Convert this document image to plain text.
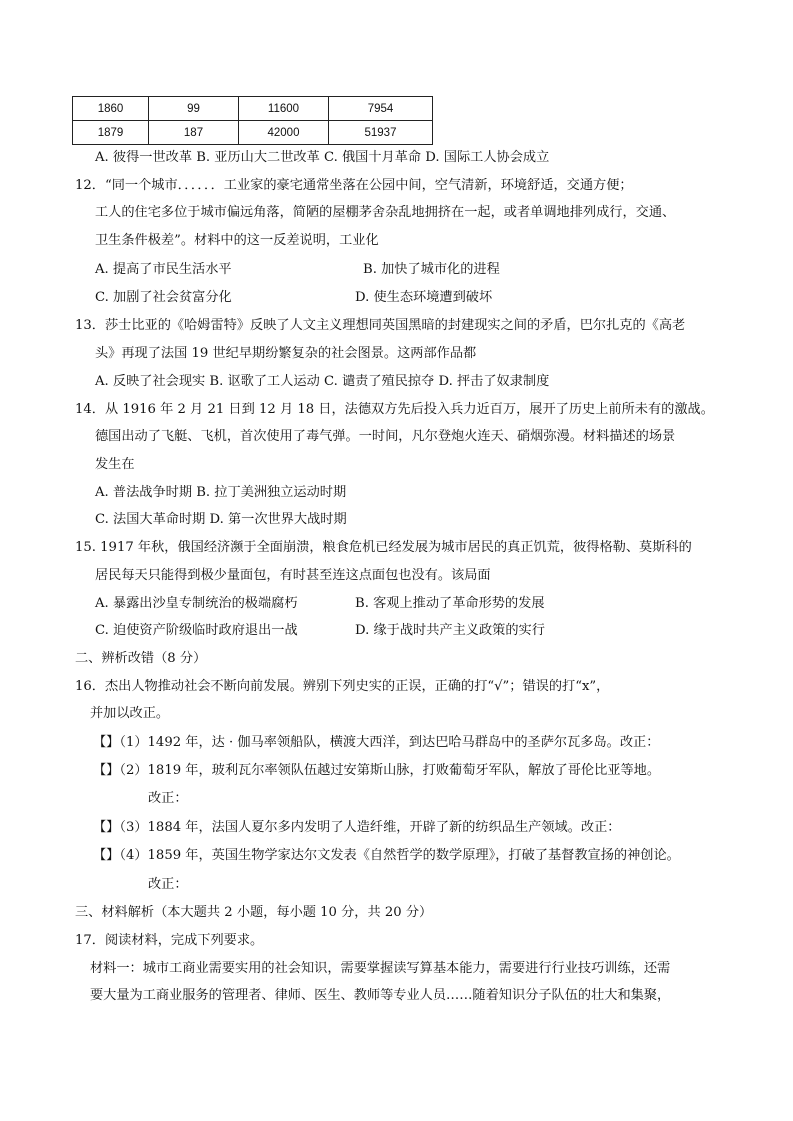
1860	99	11600	7954
1879	187	42000	51937
A. 彼得一世改革 B. 亚历山大二世改革 C. 俄国十月革命 D. 国际工人协会成立
12．“同一个城市．．．．．．工业家的豪宅通常坐落在公园中间，空气清新，环境舒适，交通方便；
工人的住宅多位于城市偏远角落，简陋的屋棚茅舍杂乱地拥挤在一起，或者单调地排列成行，交通、
卫生条件极差”。材料中的这一反差说明，工业化
A. 提高了市民生活水平	B. 加快了城市化的进程
C. 加剧了社会贫富分化	D. 使生态环境遭到破坏
13．莎士比亚的《哈姆雷特》反映了人文主义理想同英国黑暗的封建现实之间的矛盾，巴尔扎克的《高老
头》再现了法国 19 世纪早期纷繁复杂的社会图景。这两部作品都
A. 反映了社会现实 B. 讴歌了工人运动 C. 谴责了殖民掠夺 D. 抨击了奴隶制度
14．从 1916 年 2 月 21 日到 12 月 18 日，法德双方先后投入兵力近百万，展开了历史上前所未有的激战。
德国出动了飞艇、飞机，首次使用了毒气弹。一时间，凡尔登炮火连天、硝烟弥漫。材料描述的场景
发生在
A. 普法战争时期 B. 拉丁美洲独立运动时期
C. 法国大革命时期 D. 第一次世界大战时期
15. 1917 年秋，俄国经济濒于全面崩溃，粮食危机已经发展为城市居民的真正饥荒，彼得格勒、莫斯科的
居民每天只能得到极少量面包，有时甚至连这点面包也没有。该局面
A. 暴露出沙皇专制统治的极端腐朽	B. 客观上推动了革命形势的发展
C. 迫使资产阶级临时政府退出一战	D. 缘于战时共产主义政策的实行
二、辨析改错（8 分）
16．杰出人物推动社会不断向前发展。辨别下列史实的正误，正确的打“√”；错误的打“x”，
并加以改正。
【】（1）1492 年，达 · 伽马率领船队，横渡大西洋，到达巴哈马群岛中的圣萨尔瓦多岛。改正：
【】（2）1819 年，玻利瓦尔率领队伍越过安第斯山脉，打败葡萄牙军队，解放了哥伦比亚等地。
改正：
【】（3）1884 年，法国人夏尔多内发明了人造纤维，开辟了新的纺织品生产领域。改正：
【】（4）1859 年，英国生物学家达尔文发表《自然哲学的数学原理》，打破了基督教宣扬的神创论。
改正：
三、材料解析（本大题共 2 小题，每小题 10 分，共 20 分）
17．阅读材料，完成下列要求。
材料一：城市工商业需要实用的社会知识，需要掌握读写算基本能力，需要进行行业技巧训练，还需
要大量为工商业服务的管理者、律师、医生、教师等专业人员……随着知识分子队伍的壮大和集聚，
